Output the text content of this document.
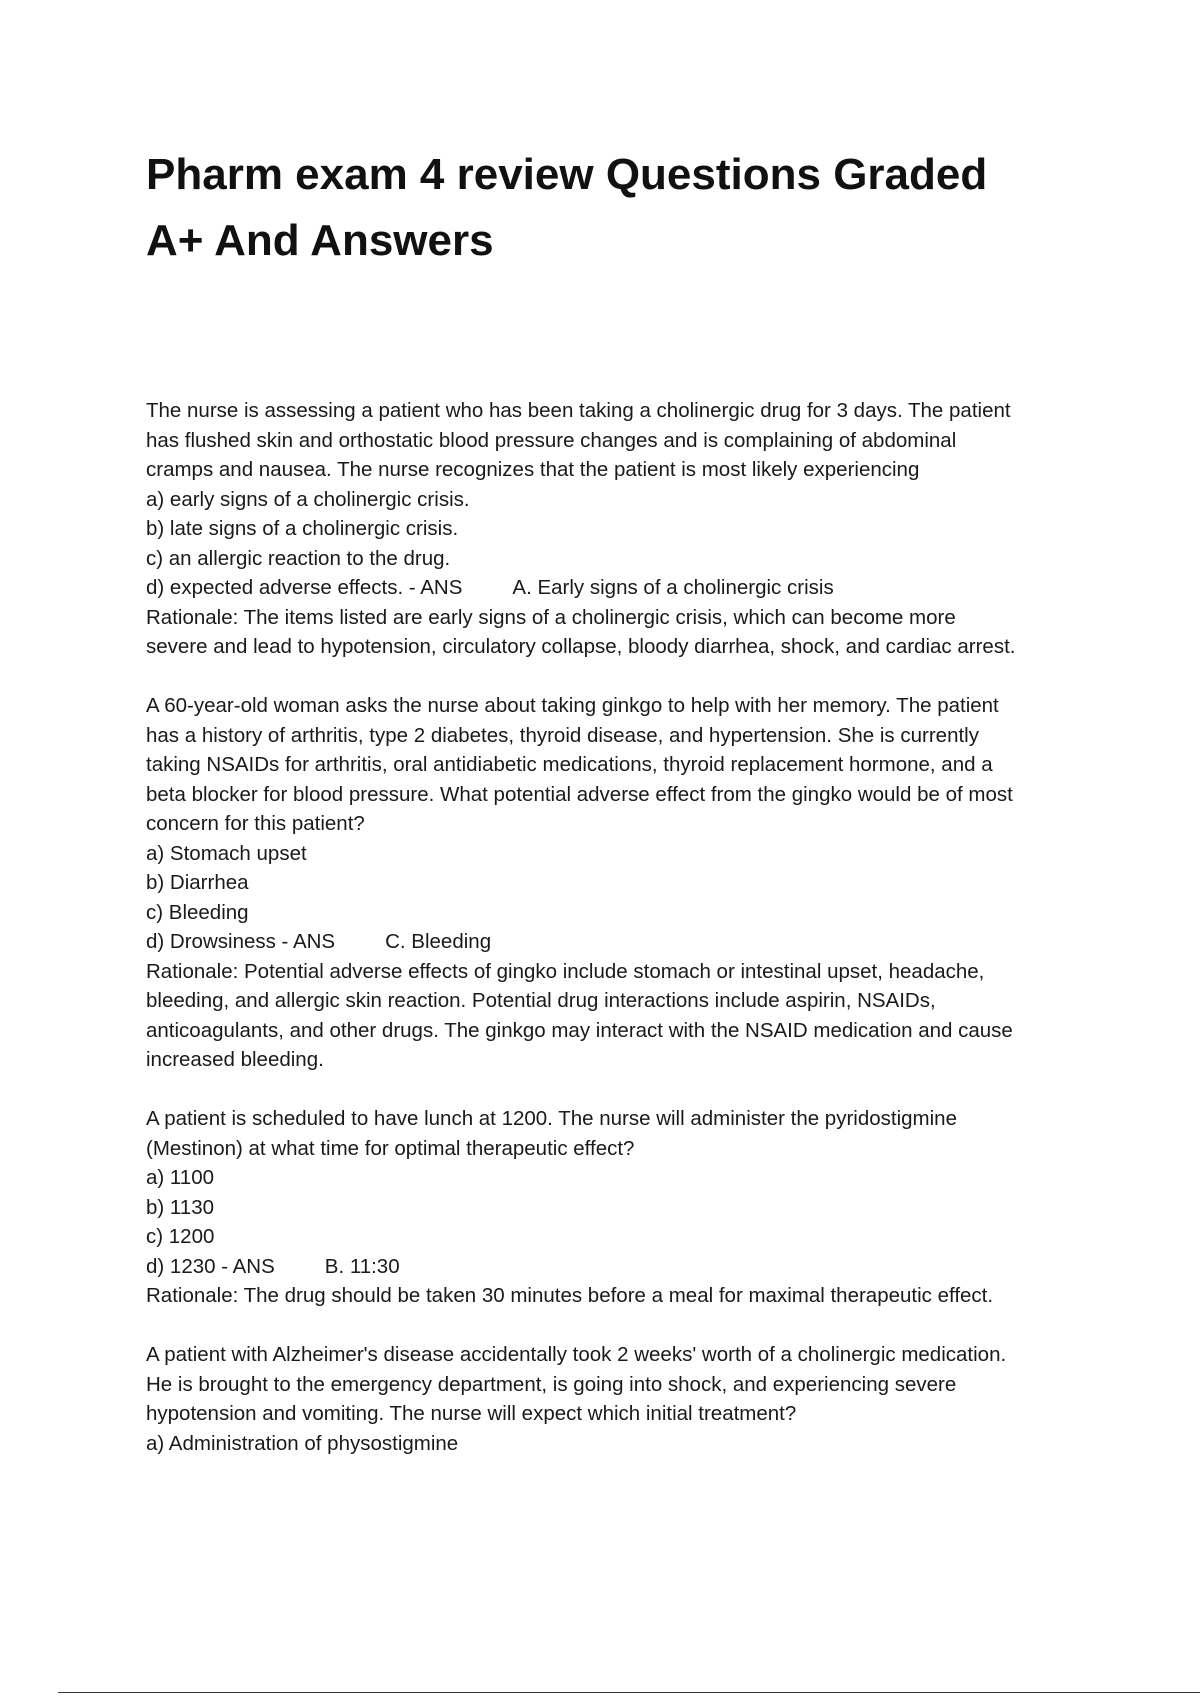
Pharm exam 4 review Questions Graded
A+ And Answers
The nurse is assessing a patient who has been taking a cholinergic drug for 3 days. The patient
has flushed skin and orthostatic blood pressure changes and is complaining of abdominal
cramps and nausea. The nurse recognizes that the patient is most likely experiencing
a) early signs of a cholinergic crisis.
b) late signs of a cholinergic crisis.
c) an allergic reaction to the drug.
d) expected adverse effects. - ANS A. Early signs of a cholinergic crisis
Rationale: The items listed are early signs of a cholinergic crisis, which can become more
severe and lead to hypotension, circulatory collapse, bloody diarrhea, shock, and cardiac arrest.
A 60-year-old woman asks the nurse about taking ginkgo to help with her memory. The patient
has a history of arthritis, type 2 diabetes, thyroid disease, and hypertension. She is currently
taking NSAIDs for arthritis, oral antidiabetic medications, thyroid replacement hormone, and a
beta blocker for blood pressure. What potential adverse effect from the gingko would be of most
concern for this patient?
a) Stomach upset
b) Diarrhea
c) Bleeding
d) Drowsiness - ANS C. Bleeding
Rationale: Potential adverse effects of gingko include stomach or intestinal upset, headache,
bleeding, and allergic skin reaction. Potential drug interactions include aspirin, NSAIDs,
anticoagulants, and other drugs. The ginkgo may interact with the NSAID medication and cause
increased bleeding.
A patient is scheduled to have lunch at 1200. The nurse will administer the pyridostigmine
(Mestinon) at what time for optimal therapeutic effect?
a) 1100
b) 1130
c) 1200
d) 1230 - ANS B. 11:30
Rationale: The drug should be taken 30 minutes before a meal for maximal therapeutic effect.
A patient with Alzheimer's disease accidentally took 2 weeks' worth of a cholinergic medication.
He is brought to the emergency department, is going into shock, and experiencing severe
hypotension and vomiting. The nurse will expect which initial treatment?
a) Administration of physostigmine
